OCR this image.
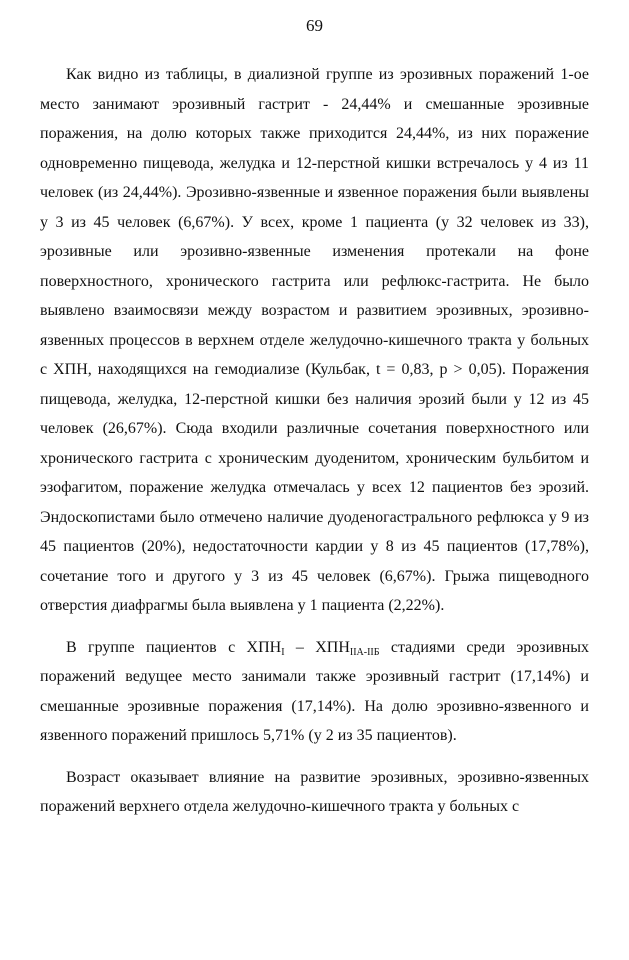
69

Как видно из таблицы, в диализной группе из эрозивных поражений 1-ое место занимают эрозивный гастрит - 24,44% и смешанные эрозивные поражения, на долю которых также приходится 24,44%, из них поражение одновременно пищевода, желудка и 12-перстной кишки встречалось у 4 из 11 человек (из 24,44%). Эрозивно-язвенные и язвенное поражения были выявлены у 3 из 45 человек (6,67%). У всех, кроме 1 пациента (у 32 человек из 33), эрозивные или эрозивно-язвенные изменения протекали на фоне поверхностного, хронического гастрита или рефлюкс-гастрита. Не было выявлено взаимосвязи между возрастом и развитием эрозивных, эрозивно-язвенных процессов в верхнем отделе желудочно-кишечного тракта у больных с ХПН, находящихся на гемодиализе (Кульбак, t = 0,83, p > 0,05). Поражения пищевода, желудка, 12-перстной кишки без наличия эрозий были у 12 из 45 человек (26,67%). Сюда входили различные сочетания поверхностного или хронического гастрита с хроническим дуоденитом, хроническим бульбитом и эзофагитом, поражение желудка отмечалась у всех 12 пациентов без эрозий. Эндоскопистами было отмечено наличие дуоденогастрального рефлюкса у 9 из 45 пациентов (20%), недостаточности кардии у 8 из 45 пациентов (17,78%), сочетание того и другого у 3 из 45 человек (6,67%). Грыжа пищеводного отверстия диафрагмы была выявлена у 1 пациента (2,22%).

В группе пациентов с $ХПН_I - ХПН_{IIА-IIБ}$ стадиями среди эрозивных поражений ведущее место занимали также эрозивный гастрит (17,14%) и смешанные эрозивные поражения (17,14%). На долю эрозивно-язвенного и язвенного поражений пришлось 5,71% (у 2 из 35 пациентов).

Возраст оказывает влияние на развитие эрозивных, эрозивно-язвенных поражений верхнего отдела желудочно-кишечного тракта у больных с
